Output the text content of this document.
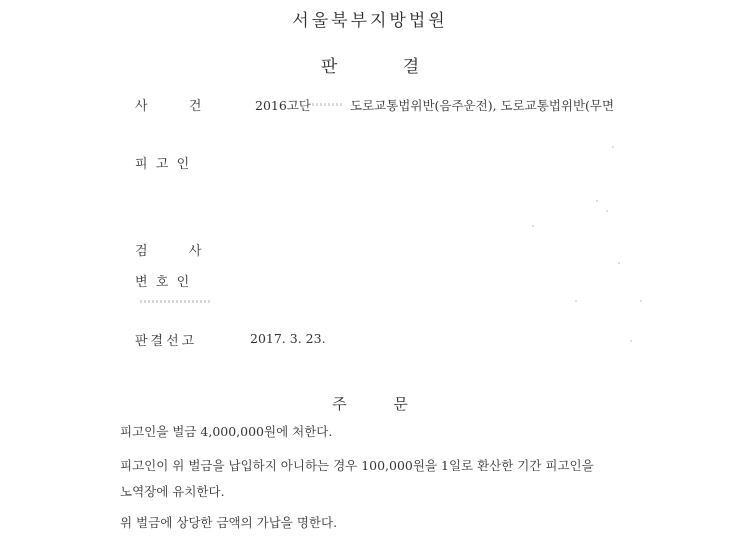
서울북부지방법원
판 결
사          건	2016고단	도로교통법위반(음주운전), 도로교통법위반(무면
피  고  인
검          사
변  호  인
판결선고	2017. 3. 23.
주 문
피고인을 벌금 4,000,000원에 처한다.
피고인이 위 벌금을 납입하지 아니하는 경우 100,000원을 1일로 환산한 기간 피고인을
노역장에 유치한다.
위 벌금에 상당한 금액의 가납을 명한다.
